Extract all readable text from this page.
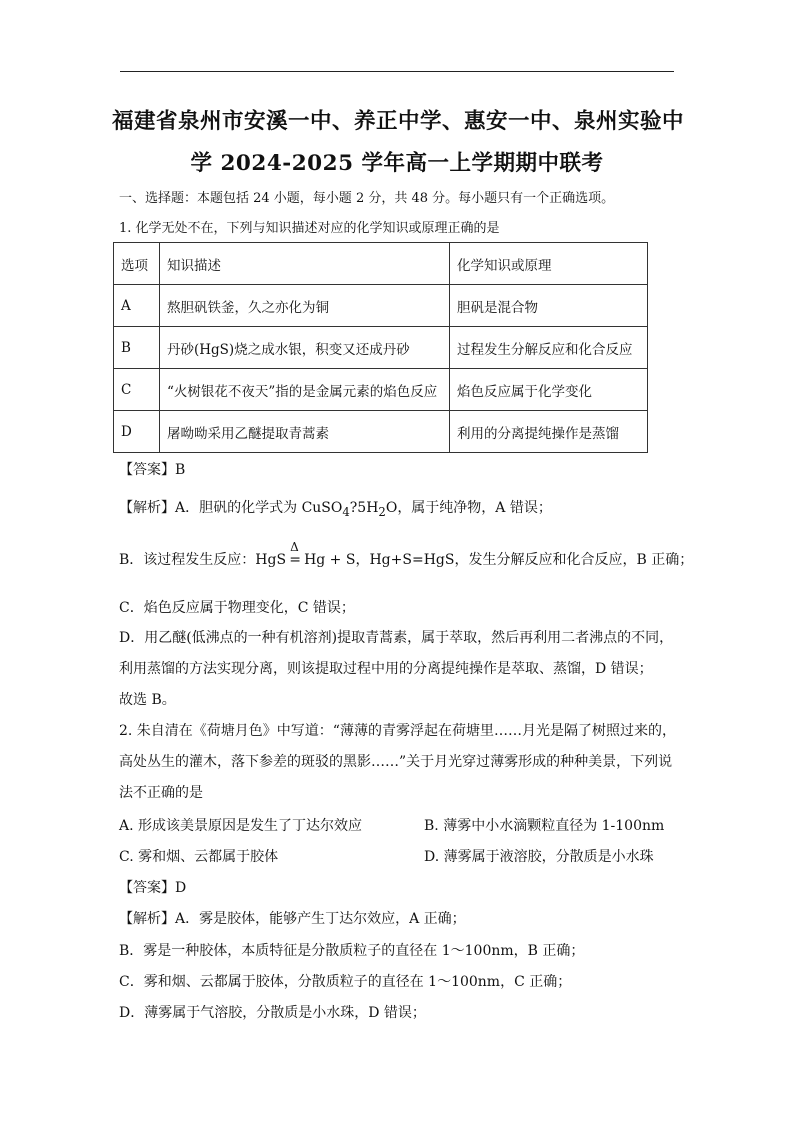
福建省泉州市安溪一中、养正中学、惠安一中、泉州实验中
学 2024-2025 学年高一上学期期中联考
一、选择题：本题包括 24 小题，每小题 2 分，共 48 分。每小题只有一个正确选项。
1. 化学无处不在，下列与知识描述对应的化学知识或原理正确的是
选项	知识描述	化学知识或原理
A	熬胆矾铁釜，久之亦化为铜	胆矾是混合物
B	丹砂(HgS)烧之成水银，积变又还成丹砂	过程发生分解反应和化合反应
C	“火树银花不夜天”指的是金属元素的焰色反应	焰色反应属于化学变化
D	屠呦呦采用乙醚提取青蒿素	利用的分离提纯操作是蒸馏
【答案】B
【解析】A．胆矾的化学式为 $CuSO_4?5H_2O$，属于纯净物，A 错误；
B．该过程发生反应：HgS
Δ
= Hg + S，Hg+S=HgS，发生分解反应和化合反应，B 正确；
C．焰色反应属于物理变化，C 错误；
D．用乙醚(低沸点的一种有机溶剂)提取青蒿素，属于萃取，然后再利用二者沸点的不同，
利用蒸馏的方法实现分离，则该提取过程中用的分离提纯操作是萃取、蒸馏，D 错误；
故选 B。
2. 朱自清在《荷塘月色》中写道：“薄薄的青雾浮起在荷塘里……月光是隔了树照过来的，
高处丛生的灌木，落下参差的斑驳的黑影……”关于月光穿过薄雾形成的种种美景，下列说
法不正确的是
A. 形成该美景原因是发生了丁达尔效应	B. 薄雾中小水滴颗粒直径为 1-100nm
C. 雾和烟、云都属于胶体	D. 薄雾属于液溶胶，分散质是小水珠
【答案】D
【解析】A．雾是胶体，能够产生丁达尔效应，A 正确；
B．雾是一种胶体，本质特征是分散质粒子的直径在 1～100nm，B 正确；
C．雾和烟、云都属于胶体，分散质粒子的直径在 1～100nm，C 正确；
D．薄雾属于气溶胶，分散质是小水珠，D 错误；
